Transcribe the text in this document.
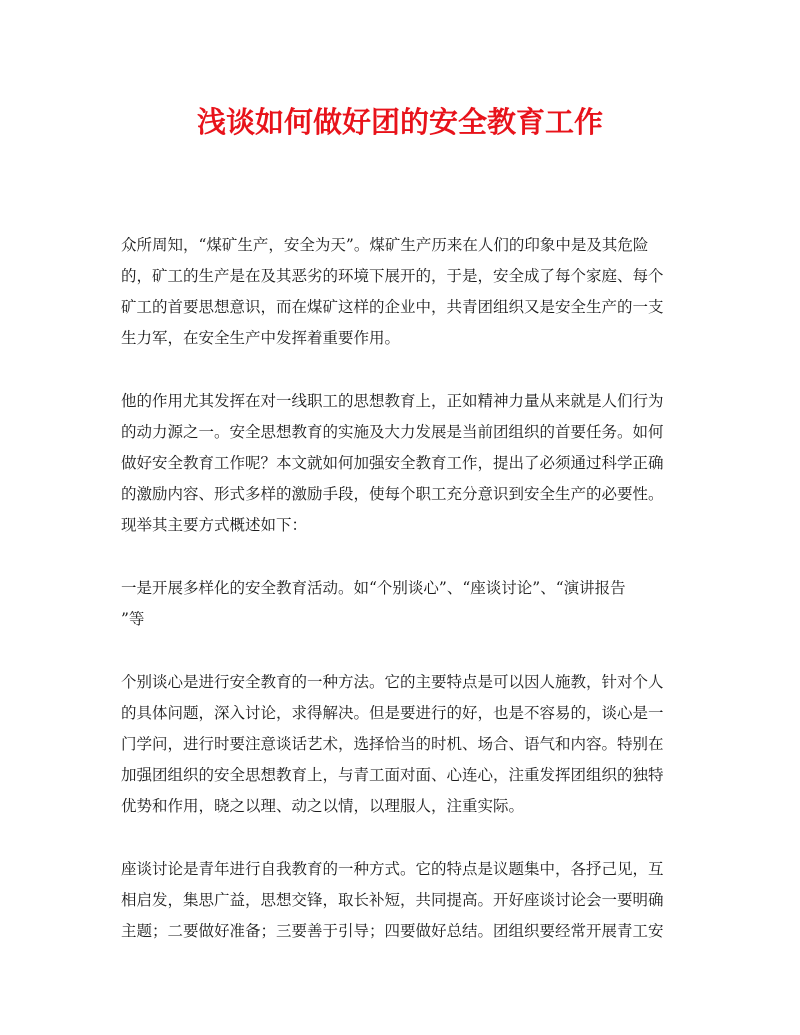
浅谈如何做好团的安全教育工作

众所周知，“煤矿生产，安全为天”。煤矿生产历来在人们的印象中是及其危险
的，矿工的生产是在及其恶劣的环境下展开的，于是，安全成了每个家庭、每个
矿工的首要思想意识，而在煤矿这样的企业中，共青团组织又是安全生产的一支
生力军，在安全生产中发挥着重要作用。

他的作用尤其发挥在对一线职工的思想教育上，正如精神力量从来就是人们行为
的动力源之一。安全思想教育的实施及大力发展是当前团组织的首要任务。如何
做好安全教育工作呢？本文就如何加强安全教育工作，提出了必须通过科学正确
的激励内容、形式多样的激励手段，使每个职工充分意识到安全生产的必要性。
现举其主要方式概述如下：

一是开展多样化的安全教育活动。如“个别谈心”、“座谈讨论”、“演讲报告
”等

个别谈心是进行安全教育的一种方法。它的主要特点是可以因人施教，针对个人
的具体问题，深入讨论，求得解决。但是要进行的好，也是不容易的，谈心是一
门学问，进行时要注意谈话艺术，选择恰当的时机、场合、语气和内容。特别在
加强团组织的安全思想教育上，与青工面对面、心连心，注重发挥团组织的独特
优势和作用，晓之以理、动之以情，以理服人，注重实际。

座谈讨论是青年进行自我教育的一种方式。它的特点是议题集中，各抒己见，互
相启发，集思广益，思想交锋，取长补短，共同提高。开好座谈讨论会一要明确
主题；二要做好准备；三要善于引导；四要做好总结。团组织要经常开展青工安
